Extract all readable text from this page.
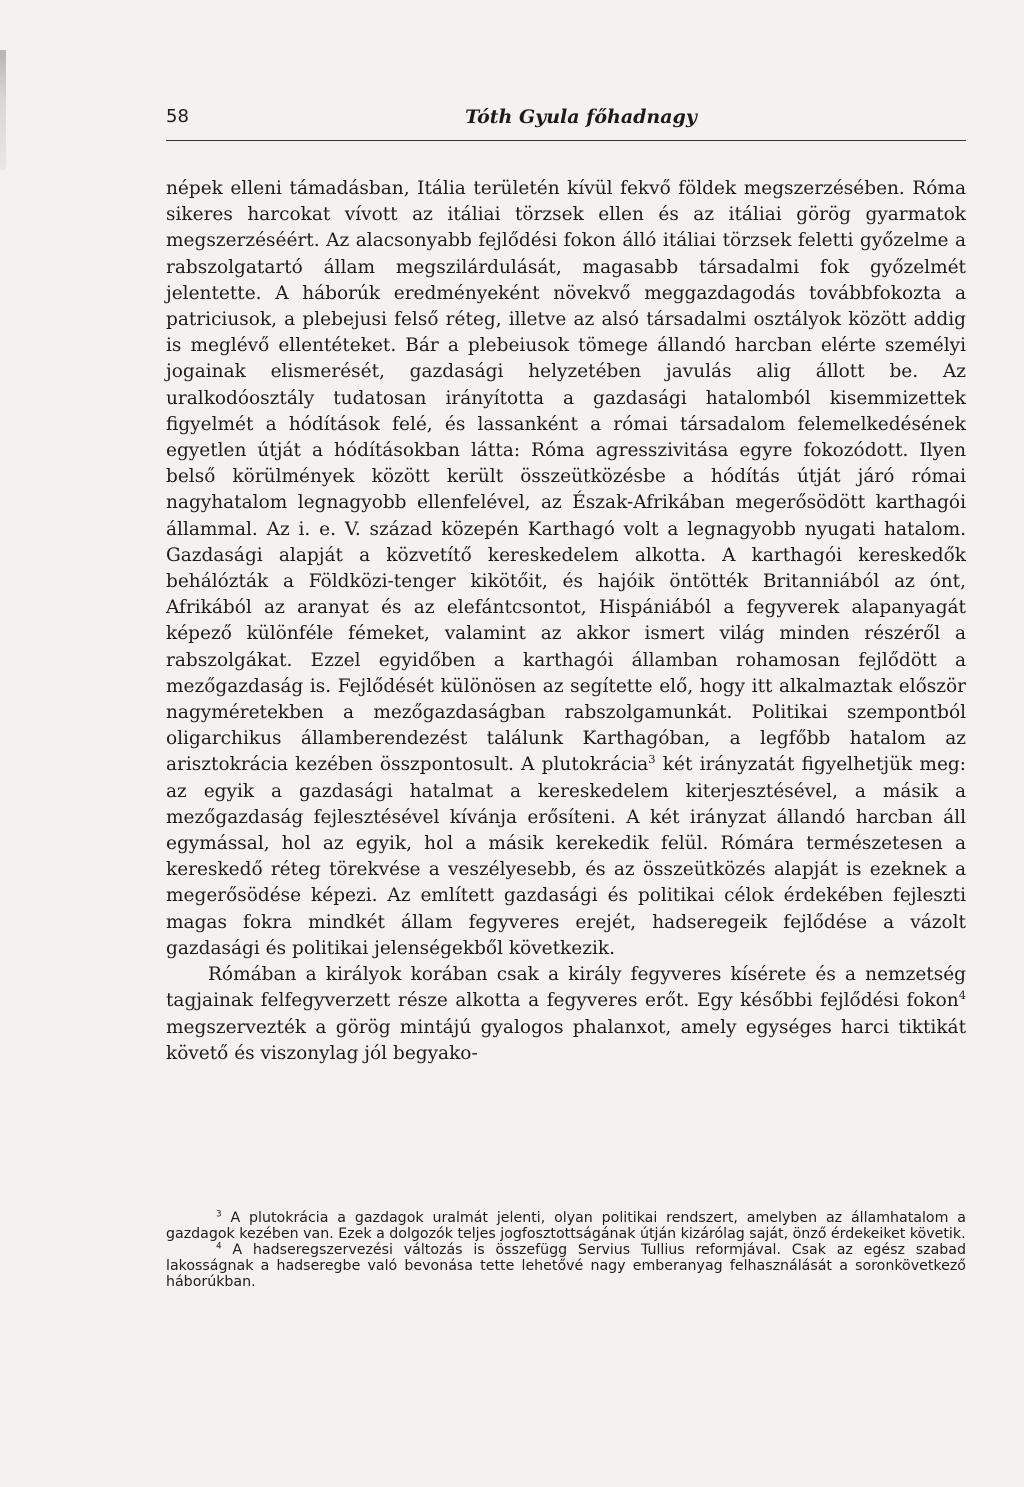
58	Tóth Gyula főhadnagy

népek elleni támadásban, Itália területén kívül fekvő földek megszerzésében. Róma sikeres harcokat vívott az itáliai törzsek ellen és az itáliai görög gyarmatok megszerzéséért. Az alacsonyabb fejlődési fokon álló itáliai törzsek feletti győzelme a rabszolgatartó állam megszilárdulását, magasabb társadalmi fok győzelmét jelentette. A háborúk eredményeként növekvő meggazdagodás továbbfokozta a patriciusok, a plebejusi felső réteg, illetve az alsó társadalmi osztályok között addig is meglévő ellentéteket. Bár a plebeiusok tömege állandó harcban elérte személyi jogainak elismerését, gazdasági helyzetében javulás alig állott be. Az uralkodóosztály tudatosan irányította a gazdasági hatalomból kisemmizettek figyelmét a hódítások felé, és lassanként a római társadalom felemelkedésének egyetlen útját a hódításokban látta: Róma agresszivitása egyre fokozódott. Ilyen belső körülmények között került összeütközésbe a hódítás útját járó római nagyhatalom legnagyobb ellenfelével, az Észak-Afrikában megerősödött karthagói állammal. Az i. e. V. század közepén Karthagó volt a legnagyobb nyugati hatalom. Gazdasági alapját a közvetítő kereskedelem alkotta. A karthagói kereskedők behálózták a Földközi-tenger kikötőit, és hajóik öntötték Britanniából az ónt, Afrikából az aranyat és az elefántcsontot, Hispániából a fegyverek alapanyagát képező különféle fémeket, valamint az akkor ismert világ minden részéről a rabszolgákat. Ezzel egyidőben a karthagói államban rohamosan fejlődött a mezőgazdaság is. Fejlődését különösen az segítette elő, hogy itt alkalmaztak először nagyméretekben a mezőgazdaságban rabszolgamunkát. Politikai szempontból oligarchikus államberendezést találunk Karthagóban, a legfőbb hatalom az arisztokrácia kezében összpontosult. A plutokrácia$^3$ két irányzatát figyelhetjük meg: az egyik a gazdasági hatalmat a kereskedelem kiterjesztésével, a másik a mezőgazdaság fejlesztésével kívánja erősíteni. A két irányzat állandó harcban áll egymással, hol az egyik, hol a másik kerekedik felül. Rómára természetesen a kereskedő réteg törekvése a veszélyesebb, és az összeütközés alapját is ezeknek a megerősödése képezi. Az említett gazdasági és politikai célok érdekében fejleszti magas fokra mindkét állam fegyveres erejét, hadseregeik fejlődése a vázolt gazdasági és politikai jelenségekből következik.

Rómában a királyok korában csak a király fegyveres kísérete és a nemzetség tagjainak felfegyverzett része alkotta a fegyveres erőt. Egy későbbi fejlődési fokon$^4$ megszervezték a görög mintájú gyalogos phalanxot, amely egységes harci tiktikát követő és viszonylag jól begyako-

$^3$ A plutokrácia a gazdagok uralmát jelenti, olyan politikai rendszert, amelyben az államhatalom a gazdagok kezében van. Ezek a dolgozók teljes jogfosztottságának útján kizárólag saját, önző érdekeiket követik.

$^4$ A hadseregszervezési változás is összefügg Servius Tullius reformjával. Csak az egész szabad lakosságnak a hadseregbe való bevonása tette lehetővé nagy emberanyag felhasználását a soronkövetkező háborúkban.
